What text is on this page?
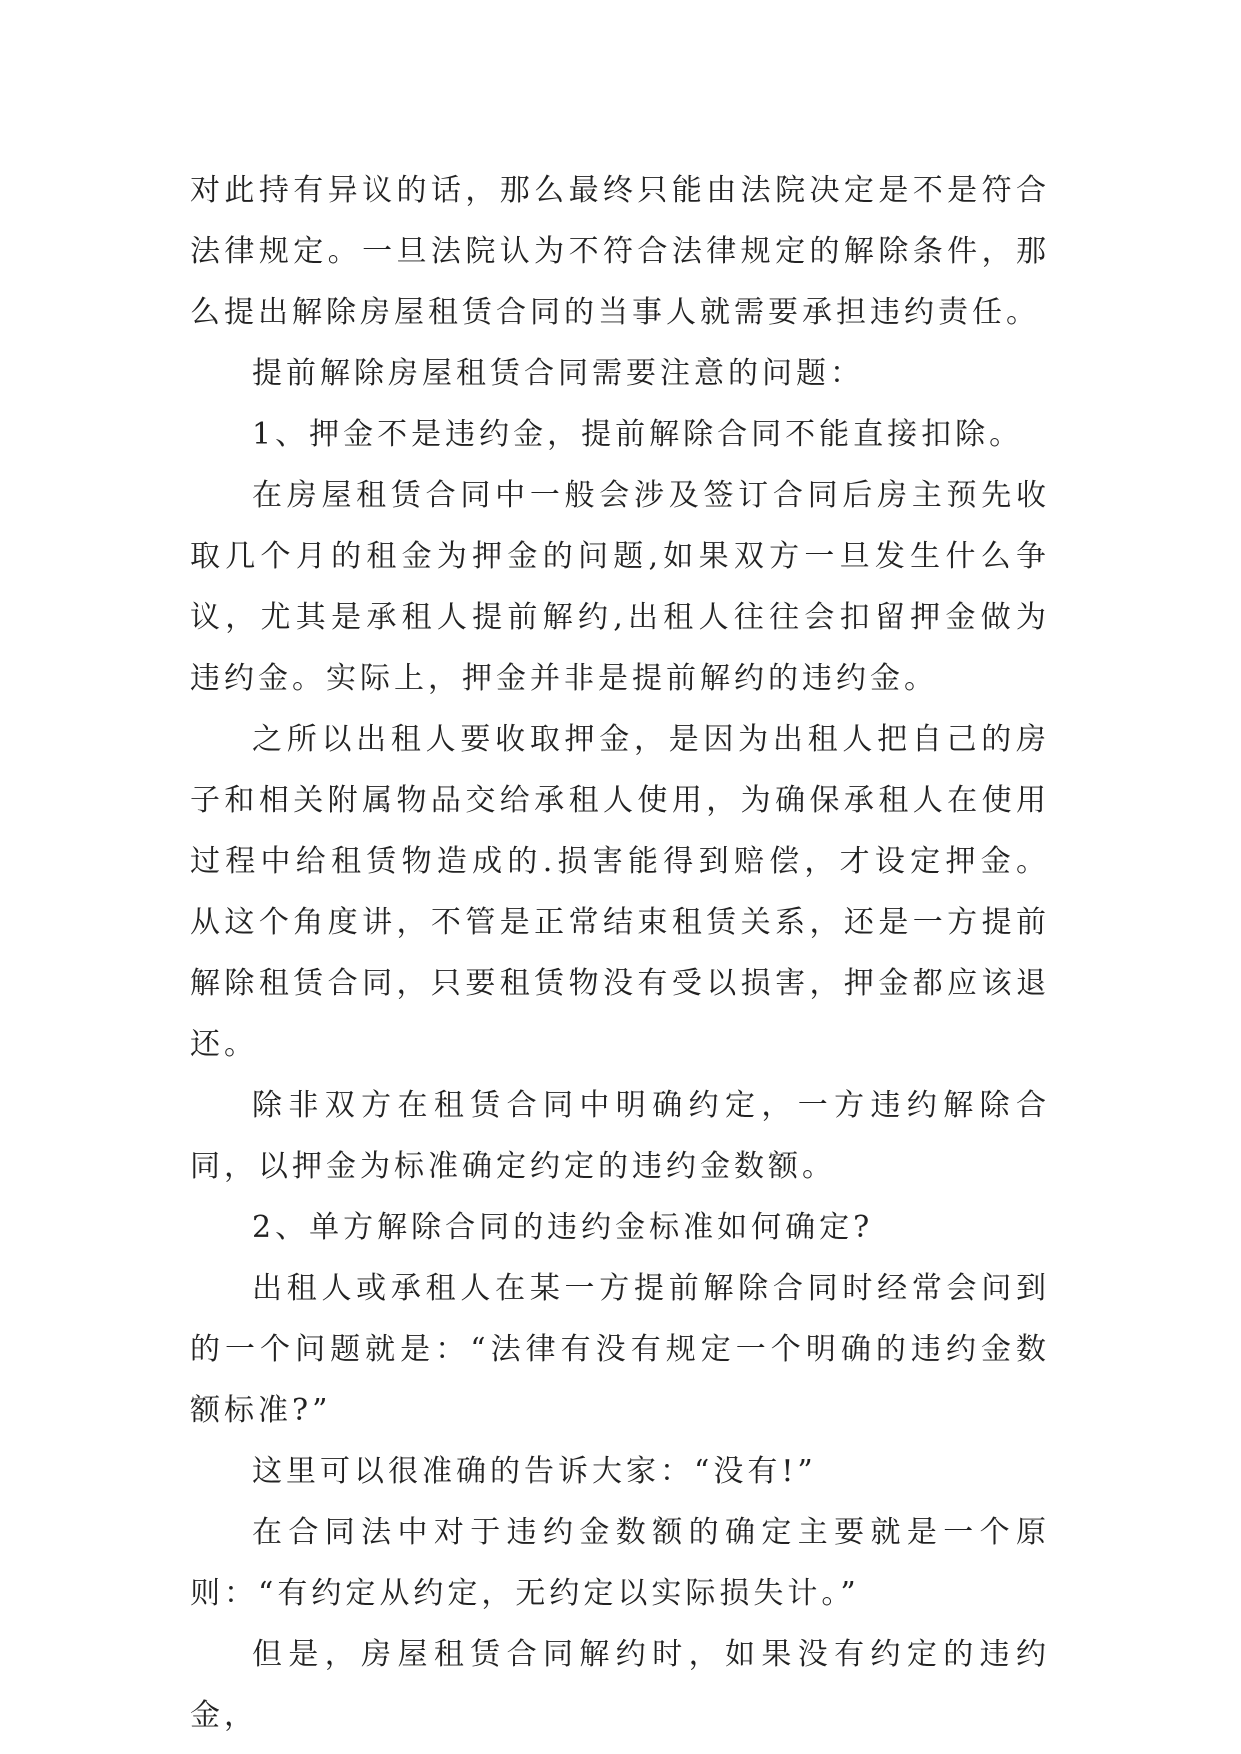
对此持有异议的话，那么最终只能由法院决定是不是符合法律规定。一旦法院认为不符合法律规定的解除条件，那么提出解除房屋租赁合同的当事人就需要承担违约责任。

提前解除房屋租赁合同需要注意的问题：

1、押金不是违约金，提前解除合同不能直接扣除。

在房屋租赁合同中一般会涉及签订合同后房主预先收取几个月的租金为押金的问题,如果双方一旦发生什么争议，尤其是承租人提前解约,出租人往往会扣留押金做为违约金。实际上，押金并非是提前解约的违约金。

之所以出租人要收取押金，是因为出租人把自己的房子和相关附属物品交给承租人使用，为确保承租人在使用过程中给租赁物造成的.损害能得到赔偿，才设定押金。从这个角度讲，不管是正常结束租赁关系，还是一方提前解除租赁合同，只要租赁物没有受以损害，押金都应该退还。

除非双方在租赁合同中明确约定，一方违约解除合同，以押金为标准确定约定的违约金数额。

2、单方解除合同的违约金标准如何确定?

出租人或承租人在某一方提前解除合同时经常会问到的一个问题就是：“法律有没有规定一个明确的违约金数额标准?”

这里可以很准确的告诉大家：“没有!”

在合同法中对于违约金数额的确定主要就是一个原则：“有约定从约定，无约定以实际损失计。”

但是，房屋租赁合同解约时，如果没有约定的违约金，
